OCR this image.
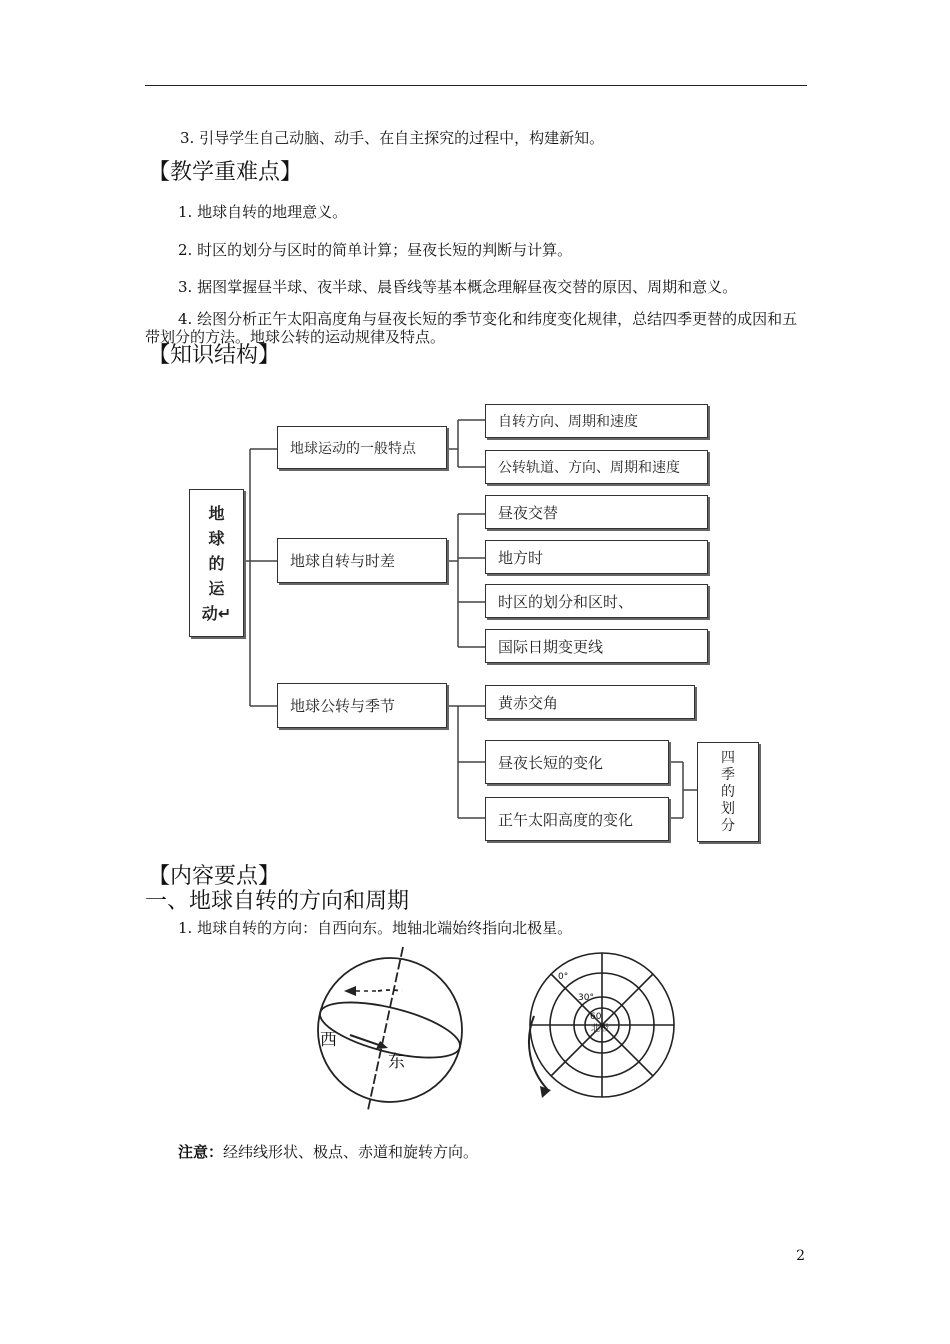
3. 引导学生自己动脑、动手、在自主探究的过程中，构建新知。
【教学重难点】
1. 地球自转的地理意义。
2. 时区的划分与区时的简单计算；昼夜长短的判断与计算。
3. 据图掌握昼半球、夜半球、晨昏线等基本概念理解昼夜交替的原因、周期和意义。
4. 绘图分析正午太阳高度角与昼夜长短的季节变化和纬度变化规律，总结四季更替的成因和五带划分的方法。地球公转的运动规律及特点。
【知识结构】
地
球
的
运
动↵
地球运动的一般特点
自转方向、周期和速度
公转轨道、方向、周期和速度
地球自转与时差
昼夜交替
地方时
时区的划分和区时、
国际日期变更线
地球公转与季节	黄赤交角
昼夜长短的变化
正午太阳高度的变化
四
季
的
划
分
【内容要点】
一、地球自转的方向和周期
1. 地球自转的方向：自西向东。地轴北端始终指向北极星。
西
东
0°
30°
60
北极
注意：经纬线形状、极点、赤道和旋转方向。
2
